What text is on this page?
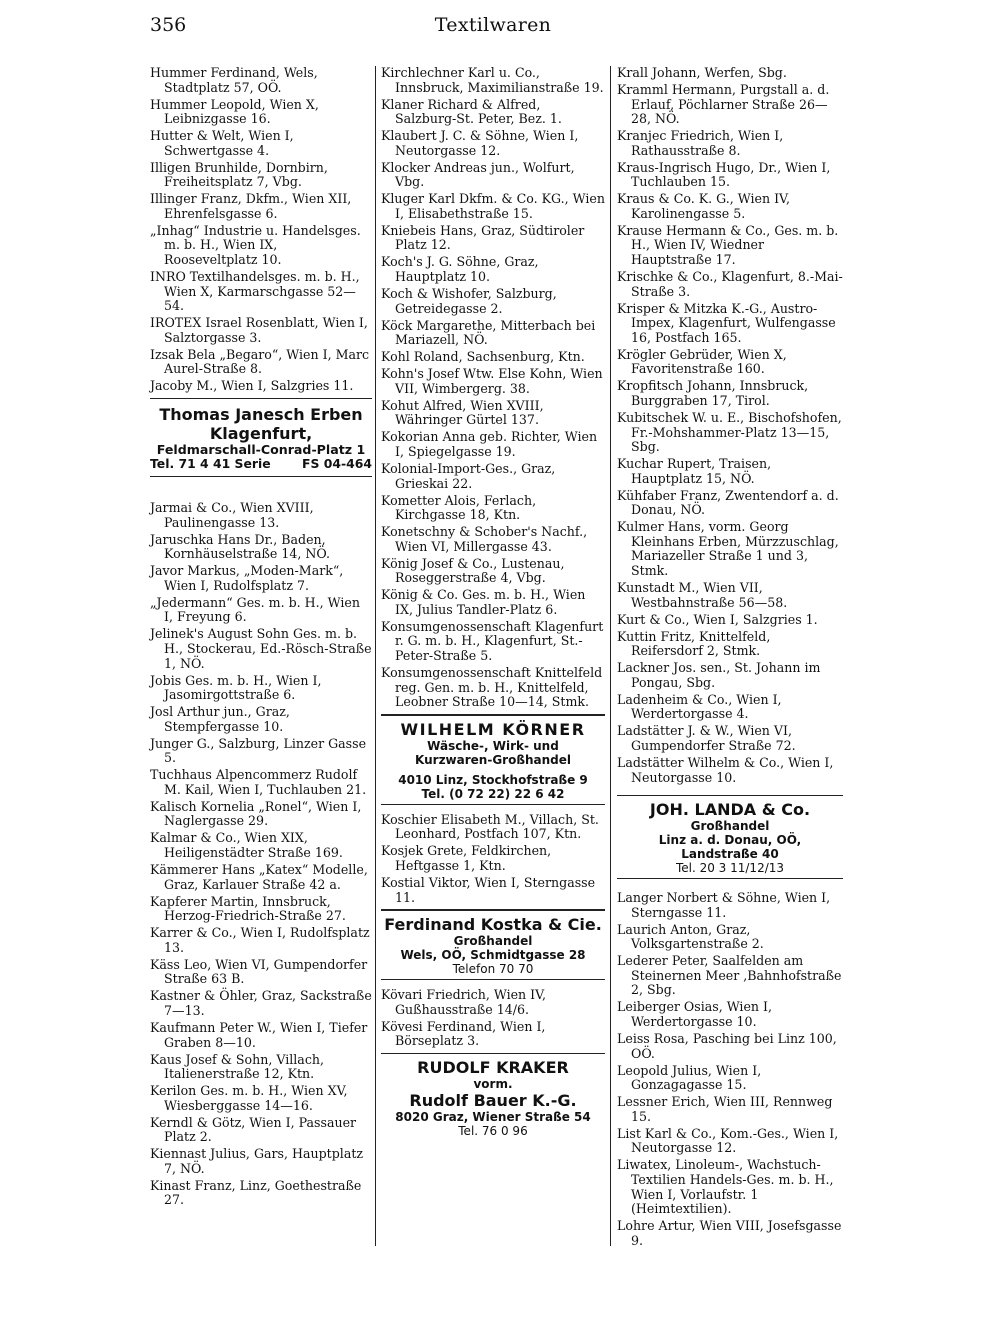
356	Textilwaren
Hummer Ferdinand, Wels, Stadtplatz 57, OÖ.
Hummer Leopold, Wien X, Leibnizgasse 16.
Hutter & Welt, Wien I, Schwertgasse 4.
Illigen Brunhilde, Dornbirn, Freiheitsplatz 7, Vbg.
Illinger Franz, Dkfm., Wien XII, Ehrenfelsgasse 6.
„Inhag“ Industrie u. Handelsges. m. b. H., Wien IX, Rooseveltplatz 10.
INRO Textilhandelsges. m. b. H., Wien X, Karmarschgasse 52—54.
IROTEX Israel Rosenblatt, Wien I, Salztorgasse 3.
Izsak Bela „Begaro“, Wien I, Marc Aurel-Straße 8.
Jacoby M., Wien I, Salzgries 11.
Thomas Janesch Erben
Klagenfurt,
Feldmarschall-Conrad-Platz 1
Tel. 71 4 41 Serie	FS 04-464
Jarmai & Co., Wien XVIII, Paulinengasse 13.
Jaruschka Hans Dr., Baden, Kornhäuselstraße 14, NÖ.
Javor Markus, „Moden-Mark“, Wien I, Rudolfsplatz 7.
„Jedermann“ Ges. m. b. H., Wien I, Freyung 6.
Jelinek's August Sohn Ges. m. b. H., Stockerau, Ed.-Rösch-Straße 1, NÖ.
Jobis Ges. m. b. H., Wien I, Jasomirgottstraße 6.
Josl Arthur jun., Graz, Stempfergasse 10.
Junger G., Salzburg, Linzer Gasse 5.
Tuchhaus Alpencommerz Rudolf M. Kail, Wien I, Tuchlauben 21.
Kalisch Kornelia „Ronel“, Wien I, Naglergasse 29.
Kalmar & Co., Wien XIX, Heiligenstädter Straße 169.
Kämmerer Hans „Katex“ Modelle, Graz, Karlauer Straße 42 a.
Kapferer Martin, Innsbruck, Herzog-Friedrich-Straße 27.
Karrer & Co., Wien I, Rudolfsplatz 13.
Käss Leo, Wien VI, Gumpendorfer Straße 63 B.
Kastner & Öhler, Graz, Sackstraße 7—13.
Kaufmann Peter W., Wien I, Tiefer Graben 8—10.
Kaus Josef & Sohn, Villach, Italienerstraße 12, Ktn.
Kerilon Ges. m. b. H., Wien XV, Wiesberggasse 14—16.
Kerndl & Götz, Wien I, Passauer Platz 2.
Kiennast Julius, Gars, Hauptplatz 7, NÖ.
Kinast Franz, Linz, Goethestraße 27.
Kirchlechner Karl u. Co., Innsbruck, Maximilianstraße 19.
Klaner Richard & Alfred, Salzburg-St. Peter, Bez. 1.
Klaubert J. C. & Söhne, Wien I, Neutorgasse 12.
Klocker Andreas jun., Wolfurt, Vbg.
Kluger Karl Dkfm. & Co. KG., Wien I, Elisabethstraße 15.
Kniebeis Hans, Graz, Südtiroler Platz 12.
Koch's J. G. Söhne, Graz, Hauptplatz 10.
Koch & Wishofer, Salzburg, Getreidegasse 2.
Köck Margarethe, Mitterbach bei Mariazell, NÖ.
Kohl Roland, Sachsenburg, Ktn.
Kohn's Josef Wtw. Else Kohn, Wien VII, Wimbergerg. 38.
Kohut Alfred, Wien XVIII, Währinger Gürtel 137.
Kokorian Anna geb. Richter, Wien I, Spiegelgasse 19.
Kolonial-Import-Ges., Graz, Grieskai 22.
Kometter Alois, Ferlach, Kirchgasse 18, Ktn.
Konetschny & Schober's Nachf., Wien VI, Millergasse 43.
König Josef & Co., Lustenau, Roseggerstraße 4, Vbg.
König & Co. Ges. m. b. H., Wien IX, Julius Tandler-Platz 6.
Konsumgenossenschaft Klagenfurt r. G. m. b. H., Klagenfurt, St.-Peter-Straße 5.
Konsumgenossenschaft Knittelfeld reg. Gen. m. b. H., Knittelfeld, Leobner Straße 10—14, Stmk.
WILHELM KÖRNER
Wäsche-, Wirk- und
Kurzwaren-Großhandel
4010 Linz, Stockhofstraße 9
Tel. (0 72 22) 22 6 42
Koschier Elisabeth M., Villach, St. Leonhard, Postfach 107, Ktn.
Kosjek Grete, Feldkirchen, Heftgasse 1, Ktn.
Kostial Viktor, Wien I, Sterngasse 11.
Ferdinand Kostka & Cie.
Großhandel
Wels, OÖ, Schmidtgasse 28
Telefon 70 70
Kövari Friedrich, Wien IV, Gußhausstraße 14/6.
Kövesi Ferdinand, Wien I, Börseplatz 3.
RUDOLF KRAKER
vorm.
Rudolf Bauer K.-G.
8020 Graz, Wiener Straße 54
Tel. 76 0 96
Krall Johann, Werfen, Sbg.
Kramml Hermann, Purgstall a. d. Erlauf, Pöchlarner Straße 26—28, NÖ.
Kranjec Friedrich, Wien I, Rathausstraße 8.
Kraus-Ingrisch Hugo, Dr., Wien I, Tuchlauben 15.
Kraus & Co. K. G., Wien IV, Karolinengasse 5.
Krause Hermann & Co., Ges. m. b. H., Wien IV, Wiedner Hauptstraße 17.
Krischke & Co., Klagenfurt, 8.-Mai-Straße 3.
Krisper & Mitzka K.-G., Austro-Impex, Klagenfurt, Wulfengasse 16, Postfach 165.
Krögler Gebrüder, Wien X, Favoritenstraße 160.
Kropfitsch Johann, Innsbruck, Burggraben 17, Tirol.
Kubitschek W. u. E., Bischofshofen, Fr.-Mohshammer-Platz 13—15, Sbg.
Kuchar Rupert, Traisen, Hauptplatz 15, NÖ.
Kühfaber Franz, Zwentendorf a. d. Donau, NÖ.
Kulmer Hans, vorm. Georg Kleinhans Erben, Mürzzuschlag, Mariazeller Straße 1 und 3, Stmk.
Kunstadt M., Wien VII, Westbahnstraße 56—58.
Kurt & Co., Wien I, Salzgries 1.
Kuttin Fritz, Knittelfeld, Reifersdorf 2, Stmk.
Lackner Jos. sen., St. Johann im Pongau, Sbg.
Ladenheim & Co., Wien I, Werdertorgasse 4.
Ladstätter J. & W., Wien VI, Gumpendorfer Straße 72.
Ladstätter Wilhelm & Co., Wien I, Neutorgasse 10.
JOH. LANDA & Co.
Großhandel
Linz a. d. Donau, OÖ,
Landstraße 40
Tel. 20 3 11/12/13
Langer Norbert & Söhne, Wien I, Sterngasse 11.
Laurich Anton, Graz, Volksgartenstraße 2.
Lederer Peter, Saalfelden am Steinernen Meer ,Bahnhofstraße 2, Sbg.
Leiberger Osias, Wien I, Werdertorgasse 10.
Leiss Rosa, Pasching bei Linz 100, OÖ.
Leopold Julius, Wien I, Gonzagagasse 15.
Lessner Erich, Wien III, Rennweg 15.
List Karl & Co., Kom.-Ges., Wien I, Neutorgasse 12.
Liwatex, Linoleum-, Wachstuch-Textilien Handels-Ges. m. b. H., Wien I, Vorlaufstr. 1 (Heimtextilien).
Lohre Artur, Wien VIII, Josefsgasse 9.
